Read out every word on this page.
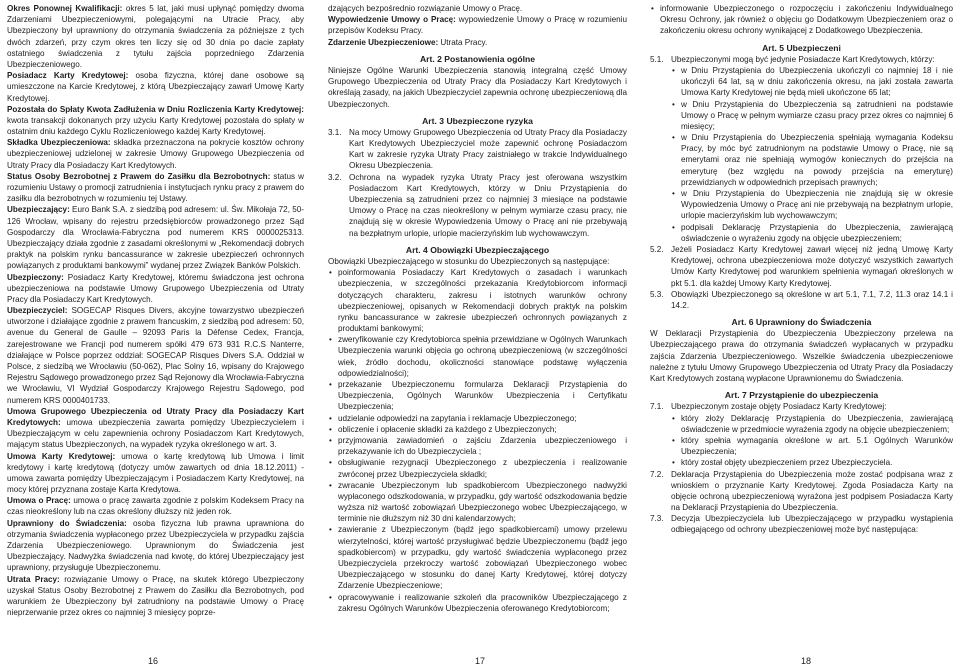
Okres Ponownej Kwalifikacji: okres 5 lat, jaki musi upłynąć pomiędzy dwoma Zdarzeniami Ubezpieczeniowymi, polegającymi na Utracie Pracy, aby Ubezpieczony był uprawniony do otrzymania świadczenia za późniejsze z tych dwóch zdarzeń, przy czym okres ten liczy się od 30 dnia po dacie zapłaty ostatniego świadczenia z tytułu zajścia poprzedniego Zdarzenia Ubezpieczeniowego.

Posiadacz Karty Kredytowej: osoba fizyczna, której dane osobowe są umieszczone na Karcie Kredytowej, z którą Ubezpieczający zawarł Umowę Karty Kredytowej.

Pozostała do Spłaty Kwota Zadłużenia w Dniu Rozliczenia Karty Kredytowej: kwota transakcji dokonanych przy użyciu Karty Kredytowej pozostała do spłaty w ostatnim dniu każdego Cyklu Rozliczeniowego każdej Karty Kredytowej.

Składka Ubezpieczeniowa: składka przeznaczona na pokrycie kosztów ochrony ubezpieczeniowej udzielonej w zakresie Umowy Grupowego Ubezpieczenia od Utraty Pracy dla Posiadaczy Kart Kredytowych.

Status Osoby Bezrobotnej z Prawem do Zasiłku dla Bezrobotnych: status w rozumieniu Ustawy o promocji zatrudnienia i instytucjach rynku pracy z prawem do zasiłku dla bezrobotnych w rozumieniu tej Ustawy.

Ubezpieczający: Euro Bank S.A. z siedzibą pod adresem: ul. Św. Mikołaja 72, 50-126 Wrocław, wpisany do rejestru przedsiębiorców prowadzonego przez Sąd Gospodarczy dla Wrocławia-Fabryczna pod numerem KRS 0000025313. Ubezpieczający działa zgodnie z zasadami określonymi w „Rekomendacji dobrych praktyk na polskim rynku bancassurance w zakresie ubezpieczeń ochronnych powiązanych z produktami bankowymi” wydanej przez Związek Banków Polskich.

Ubezpieczony: Posiadacz Karty Kredytowej, któremu świadczona jest ochrona ubezpieczeniowa na podstawie Umowy Grupowego Ubezpieczenia od Utraty Pracy dla Posiadaczy Kart Kredytowych.

Ubezpieczyciel: SOGECAP Risques Divers, akcyjne towarzystwo ubezpieczeń utworzone i działające zgodnie z prawem francuskim, z siedzibą pod adresem: 50, avenue du General de Gaulle – 92093 Paris la Défense Cedex, Francja, zarejestrowane we Francji pod numerem spółki 479 673 931 R.C.S Nanterre, działające w Polsce poprzez oddział: SOGECAP Risques Divers S.A. Oddział w Polsce, z siedzibą we Wrocławiu (50-062), Plac Solny 16, wpisany do Krajowego Rejestru Sądowego prowadzonego przez Sąd Rejonowy dla Wrocławia-Fabryczna we Wrocławiu, VI Wydział Gospodarczy Krajowego Rejestru Sądowego, pod numerem KRS 0000401733.

Umowa Grupowego Ubezpieczenia od Utraty Pracy dla Posiadaczy Kart Kredytowych: umowa ubezpieczenia zawarta pomiędzy Ubezpieczycielem i Ubezpieczającym w celu zapewnienia ochrony Posiadaczom Kart Kredytowych, mającym status Ubezpieczonych, na wypadek ryzyka określonego w art. 3.

Umowa Karty Kredytowej: umowa o kartę kredytową lub Umowa i limit kredytowy i kartę kredytową (dotyczy umów zawartych od dnia 18.12.2011) - umowa zawarta pomiędzy Ubezpieczającym i Posiadaczem Karty Kredytowej, na mocy której przyznana zostaje Karta Kredytowa.

Umowa o Pracę: umowa o pracę zawarta zgodnie z polskim Kodeksem Pracy na czas nieokreślony lub na czas określony dłuższy niż jeden rok.

Uprawniony do Świadczenia: osoba fizyczna lub prawna uprawniona do otrzymania świadczenia wypłaconego przez Ubezpieczyciela w przypadku zajścia Zdarzenia Ubezpieczeniowego. Uprawnionym do Świadczenia jest Ubezpieczający. Nadwyżka świadczenia nad kwotę, do której Ubezpieczający jest uprawniony, przysługuje Ubezpieczonemu.

Utrata Pracy: rozwiązanie Umowy o Pracę, na skutek którego Ubezpieczony uzyskał Status Osoby Bezrobotnej z Prawem do Zasiłku dla Bezrobotnych, pod warunkiem że Ubezpieczony był zatrudniony na podstawie Umowy o Pracę nieprzerwanie przez okres co najmniej 3 miesięcy poprze-

dzających bezpośrednio rozwiązanie Umowy o Pracę.

Wypowiedzenie Umowy o Pracę: wypowiedzenie Umowy o Pracę w rozumieniu przepisów Kodeksu Pracy.

Zdarzenie Ubezpieczeniowe: Utrata Pracy.

Art. 2 Postanowienia ogólne

Niniejsze Ogólne Warunki Ubezpieczenia stanowią integralną część Umowy Grupowego Ubezpieczenia od Utraty Pracy dla Posiadaczy Kart Kredytowych i określają zasady, na jakich Ubezpieczyciel zapewnia ochronę ubezpieczeniową dla Ubezpieczonych.

Art. 3 Ubezpieczone ryzyka

3.1. Na mocy Umowy Grupowego Ubezpieczenia od Utraty Pracy dla Posiadaczy Kart Kredytowych Ubezpieczyciel może zapewnić ochronę Posiadaczom Kart w zakresie ryzyka Utraty Pracy zaistniałego w trakcie Indywidualnego Okresu Ubezpieczenia.
3.2. Ochrona na wypadek ryzyka Utraty Pracy jest oferowana wszystkim Posiadaczom Kart Kredytowych, którzy w Dniu Przystąpienia do Ubezpieczenia są zatrudnieni przez co najmniej 3 miesiące na podstawie Umowy o Pracę na czas nieokreślony w pełnym wymiarze czasu pracy, nie znajdują się w okresie Wypowiedzenia Umowy o Pracę ani nie przebywają na bezpłatnym urlopie, urlopie macierzyńskim lub wychowawczym.

Art. 4 Obowiązki Ubezpieczającego

Obowiązki Ubezpieczającego w stosunku do Ubezpieczonych są następujące:

• poinformowania Posiadaczy Kart Kredytowych o zasadach i warunkach ubezpieczenia, w szczególności przekazania Kredytobiorcom informacji dotyczących charakteru, zakresu i istotnych warunków ochrony ubezpieczeniowej, opisanych w Rekomendacji dobrych praktyk na polskim rynku bancassurance w zakresie ubezpieczeń ochronnych powiązanych z produktami bankowymi;
• zweryfikowanie czy Kredytobiorca spełnia przewidziane w Ogólnych Warunkach Ubezpieczenia warunki objęcia go ochroną ubezpieczeniową (w szczególności wiek, źródło dochodu, okoliczności stanowiące podstawę wyłączenia odpowiedzialności);
• przekazanie Ubezpieczonemu formularza Deklaracji Przystąpienia do Ubezpieczenia, Ogólnych Warunków Ubezpieczenia i Certyfikatu Ubezpieczenia;
• udzielanie odpowiedzi na zapytania i reklamacje Ubezpieczonego;
• obliczenie i opłacenie składki za każdego z Ubezpieczonych;
• przyjmowania zawiadomień o zajściu Zdarzenia ubezpieczeniowego i przekazywanie ich do Ubezpieczyciela ;
• obsługiwanie rezygnacji Ubezpieczonego z ubezpieczenia i realizowanie zwróconej przez Ubezpieczyciela składki;
• zwracanie Ubezpieczonym lub spadkobiercom Ubezpieczonego nadwyżki wypłaconego odszkodowania, w przypadku, gdy wartość odszkodowania będzie wyższa niż wartość zobowiązań Ubezpieczonego wobec Ubezpieczającego, w terminie nie dłuższym niż 30 dni kalendarzowych;
• zawieranie z Ubezpieczonym (bądź jego spadkobiercami) umowy przelewu wierzytelności, której wartość przysługiwać będzie Ubezpieczonemu (bądź jego spadkobiercom) w przypadku, gdy wartość świadczenia wypłaconego przez Ubezpieczyciela przekroczy wartość zobowiązań Ubezpieczonego wobec Ubezpieczającego w stosunku do danej Karty Kredytowej, której dotyczy Zdarzenie Ubezpieczeniowe;
• opracowywanie i realizowanie szkoleń dla pracowników Ubezpieczającego z zakresu Ogólnych Warunków Ubezpieczenia oferowanego Kredytobiorcom;
• informowanie Ubezpieczonego o rozpoczęciu i zakończeniu Indywidualnego Okresu Ochrony, jak również o objęciu go Dodatkowym Ubezpieczeniem oraz o zakończeniu okresu ochrony wynikającej z Dodatkowego Ubezpieczenia.

Art. 5 Ubezpieczeni

5.1. Ubezpieczonymi mogą być jedynie Posiadacze Kart Kredytowych, którzy:
• w Dniu Przystąpienia do Ubezpieczenia ukończyli co najmniej 18 i nie ukończyli 64 lat, są w dniu zakończenia okresu, na jaki została zawarta Umowa Karty Kredytowej nie będą mieli ukończone 65 lat;
• w Dniu Przystąpienia do Ubezpieczenia są zatrudnieni na podstawie Umowy o Pracę w pełnym wymiarze czasu pracy przez okres co najmniej 6 miesięcy;
• w Dniu Przystąpienia do Ubezpieczenia spełniają wymagania Kodeksu Pracy, by móc być zatrudnionym na podstawie Umowy o Pracę, nie są emerytami oraz nie spełniają wymogów koniecznych do przejścia na emeryturę (bez względu na powody przejścia na emeryturę) przewidzianych w odpowiednich przepisach prawnych;
• w Dniu Przystąpienia do Ubezpieczenia nie znajdują się w okresie Wypowiedzenia Umowy o Pracę ani nie przebywają na bezpłatnym urlopie, urlopie macierzyńskim lub wychowawczym;
• podpisali Deklarację Przystąpienia do Ubezpieczenia, zawierającą oświadczenie o wyrażeniu zgody na objęcie ubezpieczeniem;
5.2. Jeżeli Posiadacz Karty Kredytowej zawarł więcej niż jedną Umowę Karty Kredytowej, ochrona ubezpieczeniowa może dotyczyć wszystkich zawartych Umów Karty Kredytowej pod warunkiem spełnienia wymagań określonych w pkt 5.1. dla każdej Umowy Karty Kredytowej.
5.3. Obowiązki Ubezpieczonego są określone w art 5.1, 7.1, 7.2, 11.3 oraz 14.1 i 14.2.

Art. 6 Uprawniony do Świadczenia

W Deklaracji Przystąpienia do Ubezpieczenia Ubezpieczony przelewa na Ubezpieczającego prawa do otrzymania świadczeń wypłacanych w przypadku zajścia Zdarzenia Ubezpieczeniowego. Wszelkie świadczenia ubezpieczeniowe należne z tytułu Umowy Grupowego Ubezpieczenia od Utraty Pracy dla Posiadaczy Kart Kredytowych zostaną wypłacone Uprawnionemu do Świadczenia.

Art. 7 Przystąpienie do ubezpieczenia

7.1. Ubezpieczonym zostaje objęty Posiadacz Karty Kredytowej:
• który złoży Deklarację Przystąpienia do Ubezpieczenia, zawierającą oświadczenie w przedmiocie wyrażenia zgody na objęcie ubezpieczeniem;
• który spełnia wymagania określone w art. 5.1 Ogólnych Warunków Ubezpieczenia;
• który został objęty ubezpieczeniem przez Ubezpieczyciela.
7.2. Deklaracja Przystąpienia do Ubezpieczenia może zostać podpisana wraz z wnioskiem o przyznanie Karty Kredytowej. Zgoda Posiadacza Karty na objęcie ochroną ubezpieczeniową wyrażona jest podpisem Posiadacza Karty na Deklaracji Przystąpienia do Ubezpieczenia.
7.3. Decyzja Ubezpieczyciela lub Ubezpieczającego w przypadku wystąpienia odbiegającego od ochrony ubezpieczeniowej może być następująca:
16	17	18
